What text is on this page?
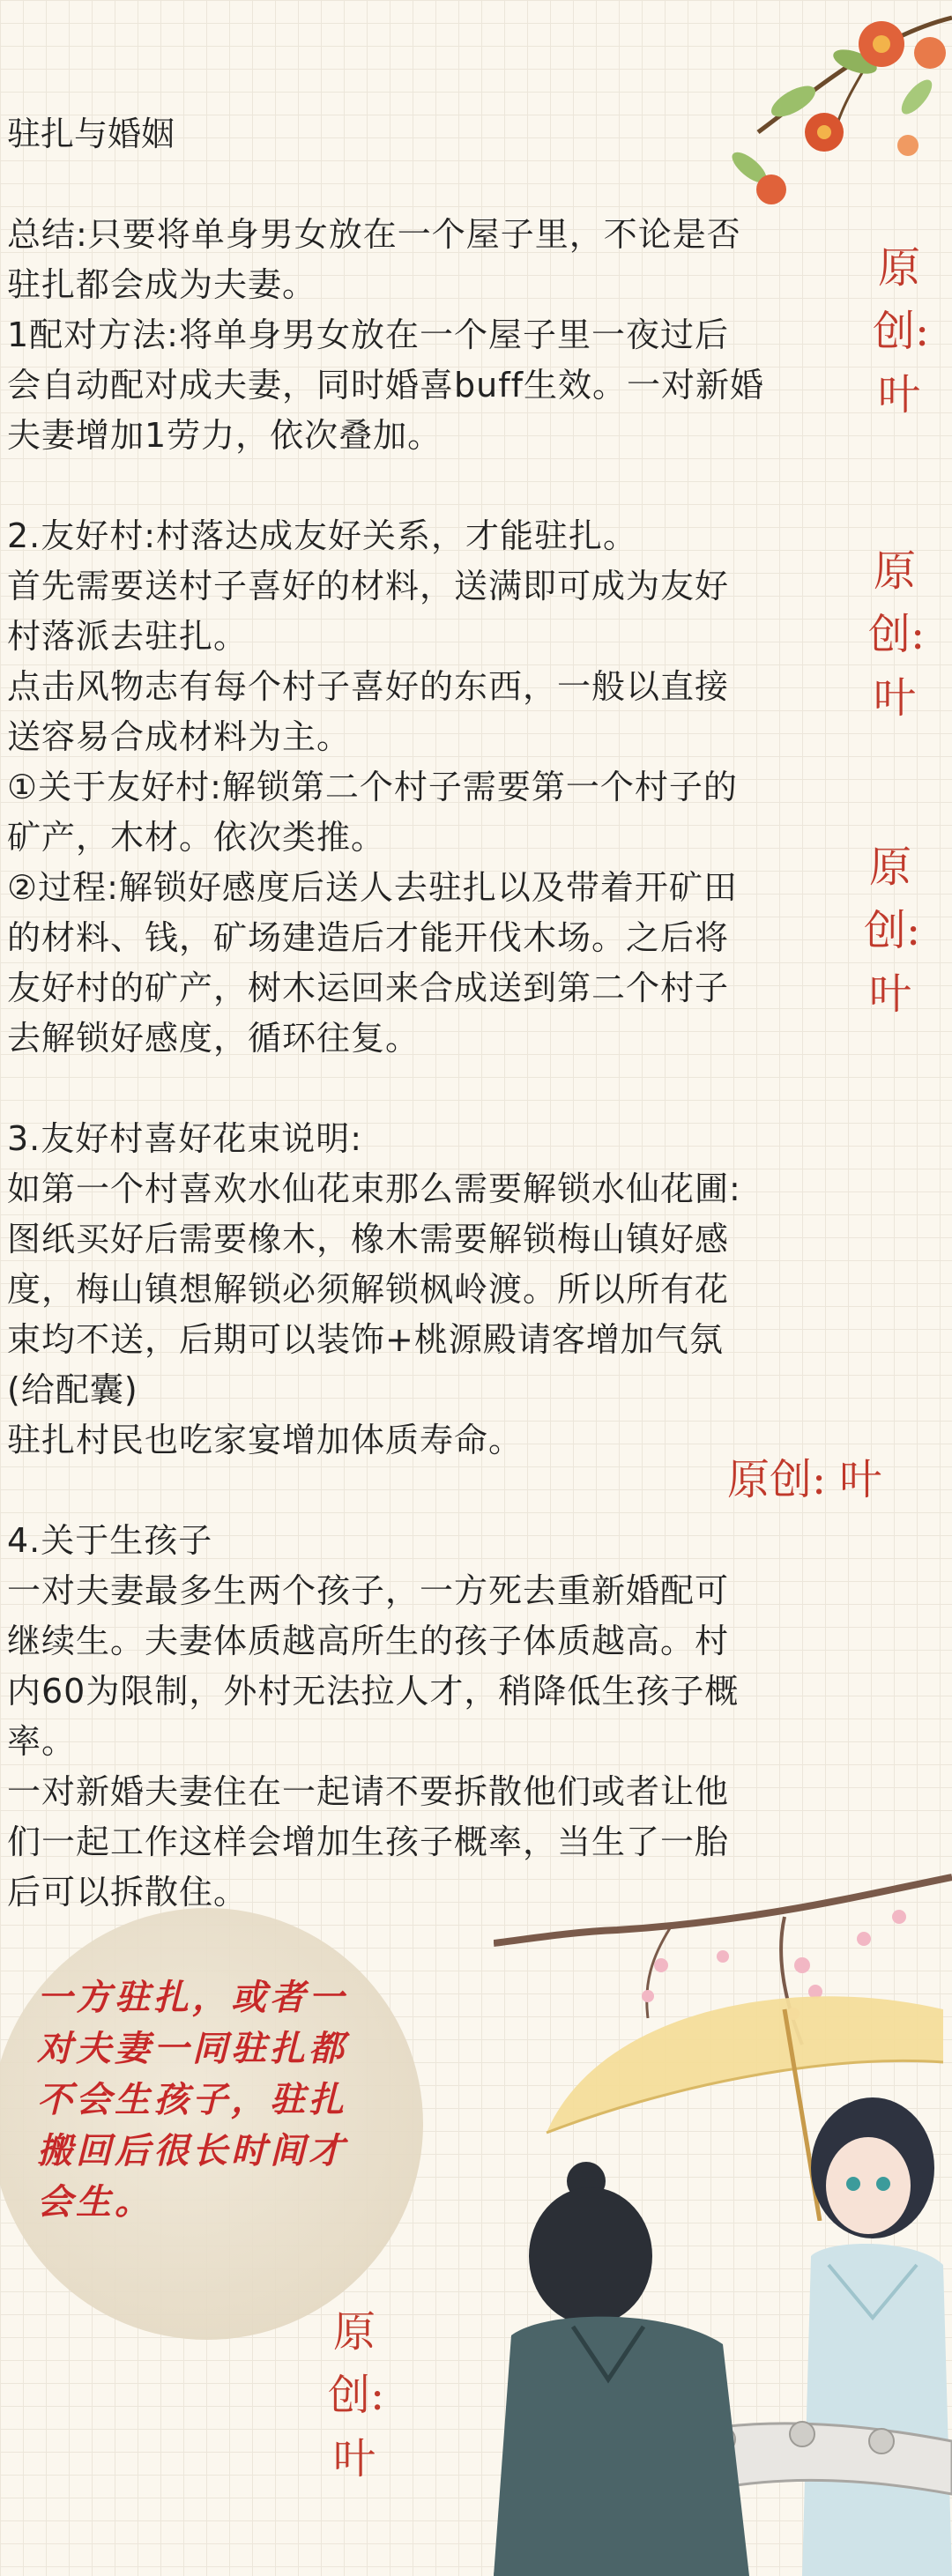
驻扎与婚姻
总结:只要将单身男女放在一个屋子里，不论是否
驻扎都会成为夫妻。
1配对方法:将单身男女放在一个屋子里一夜过后
会自动配对成夫妻，同时婚喜buff生效。一对新婚
夫妻增加1劳力，依次叠加。
2.友好村:村落达成友好关系，才能驻扎。
首先需要送村子喜好的材料，送满即可成为友好
村落派去驻扎。
点击风物志有每个村子喜好的东西，一般以直接
送容易合成材料为主。
①关于友好村:解锁第二个村子需要第一个村子的
矿产，木材。依次类推。
②过程:解锁好感度后送人去驻扎以及带着开矿田
的材料、钱，矿场建造后才能开伐木场。之后将
友好村的矿产，树木运回来合成送到第二个村子
去解锁好感度，循环往复。
3.友好村喜好花束说明:
如第一个村喜欢水仙花束那么需要解锁水仙花圃:
图纸买好后需要橡木，橡木需要解锁梅山镇好感
度，梅山镇想解锁必须解锁枫岭渡。所以所有花
束均不送，后期可以装饰+桃源殿请客增加气氛
(给配囊)
驻扎村民也吃家宴增加体质寿命。
4.关于生孩子
一对夫妻最多生两个孩子，一方死去重新婚配可
继续生。夫妻体质越高所生的孩子体质越高。村
内60为限制，外村无法拉人才，稍降低生孩子概
率。
一对新婚夫妻住在一起请不要拆散他们或者让他
们一起工作这样会增加生孩子概率，当生了一胎
后可以拆散住。
原创:叶
原创:叶
原创:叶
原创: 叶
原创:叶
一方驻扎，或者一对夫妻一同驻扎都不会生孩子，驻扎搬回后很长时间才会生。
